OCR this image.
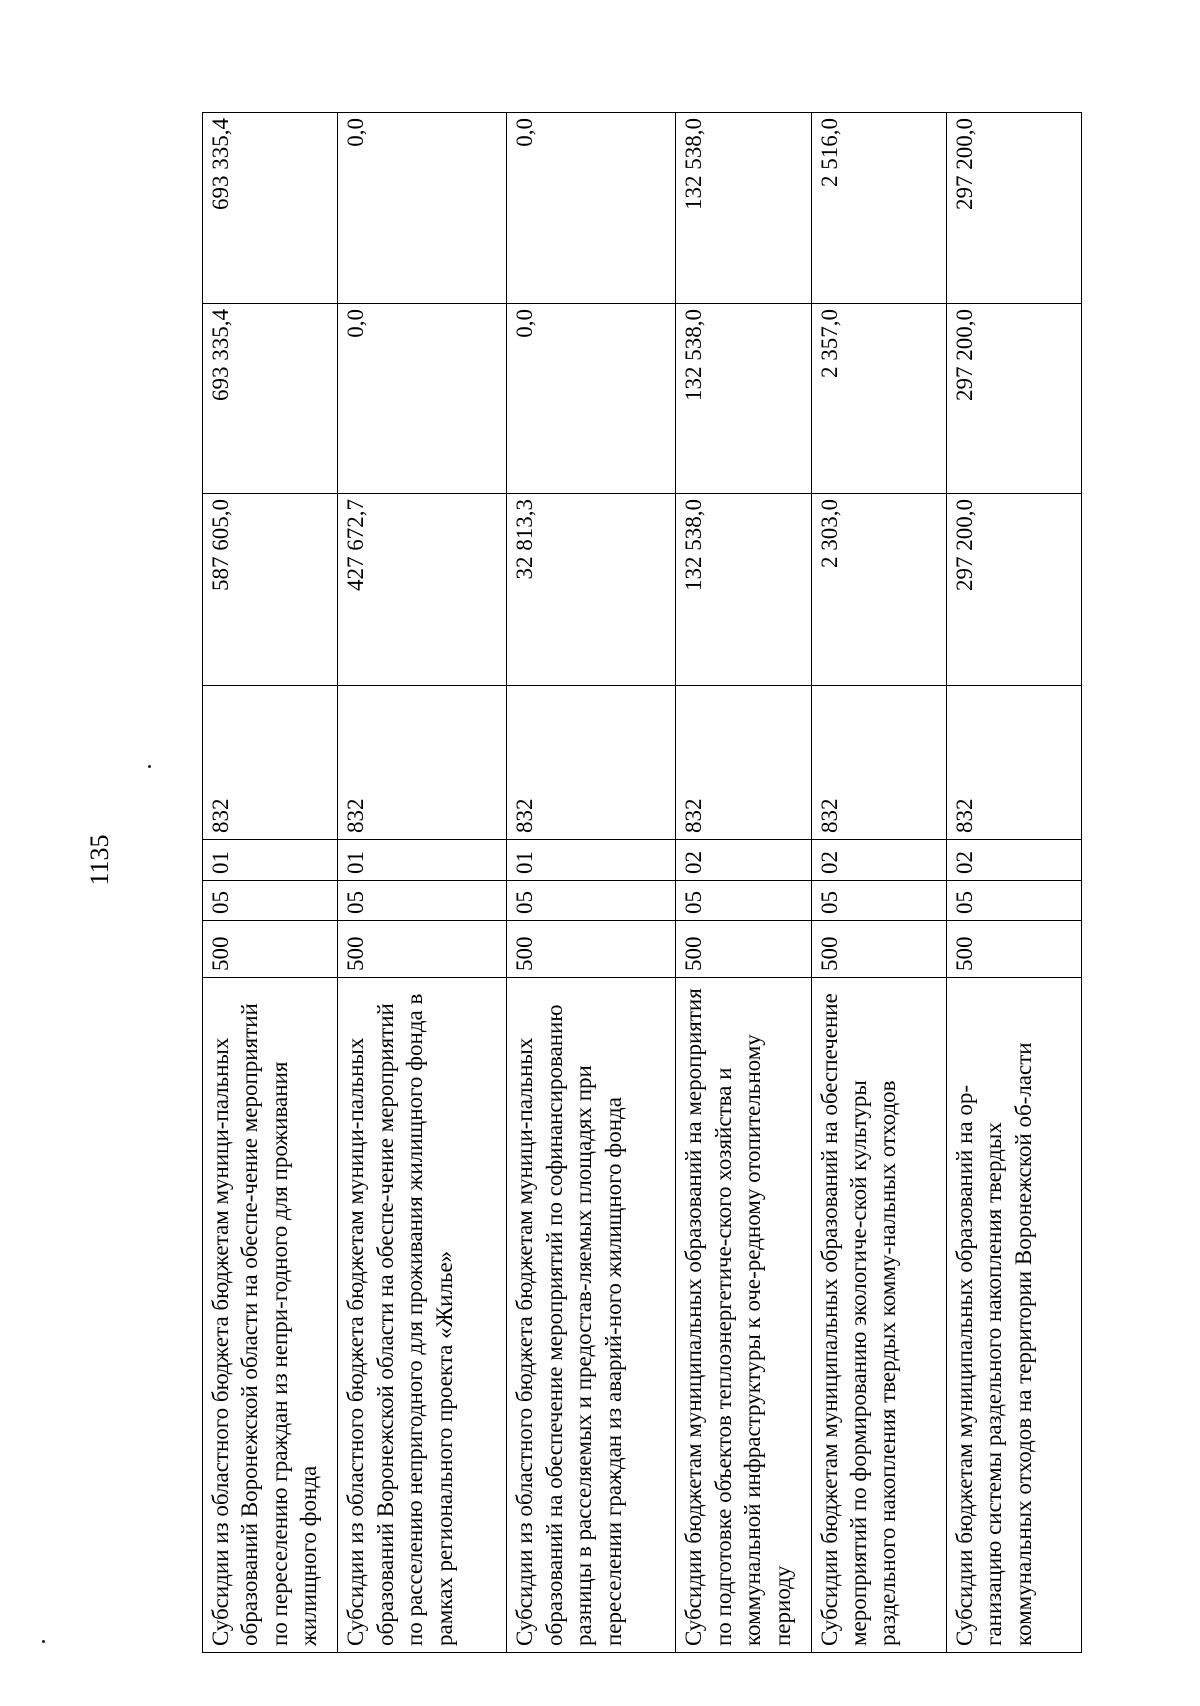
1135
Субсидии из областного бюджета бюджетам муници-пальных образований Воронежской области на обеспе-чение мероприятий по переселению граждан из непри-годного для проживания жилищного фонда	500	05	01	832	587 605,0	693 335,4	693 335,4
Субсидии из областного бюджета бюджетам муници-пальных образований Воронежской области на обеспе-чение мероприятий по расселению непригодного для проживания жилищного фонда в рамках регионального проекта «Жилье»	500	05	01	832	427 672,7	0,0	0,0
Субсидии из областного бюджета бюджетам муници-пальных образований на обеспечение мероприятий по софинансированию разницы в расселяемых и предостав-ляемых площадях при переселении граждан из аварий-ного жилищного фонда	500	05	01	832	32 813,3	0,0	0,0
Субсидии бюджетам муниципальных образований на мероприятия по подготовке объектов теплоэнергетиче-ского хозяйства и коммунальной инфраструктуры к оче-редному отопительному периоду	500	05	02	832	132 538,0	132 538,0	132 538,0
Субсидии бюджетам муниципальных образований на обеспечение мероприятий по формированию экологиче-ской культуры раздельного накопления твердых комму-нальных отходов	500	05	02	832	2 303,0	2 357,0	2 516,0
Субсидии бюджетам муниципальных образований на ор-ганизацию системы раздельного накопления твердых коммунальных отходов на территории Воронежской об-ласти	500	05	02	832	297 200,0	297 200,0	297 200,0
